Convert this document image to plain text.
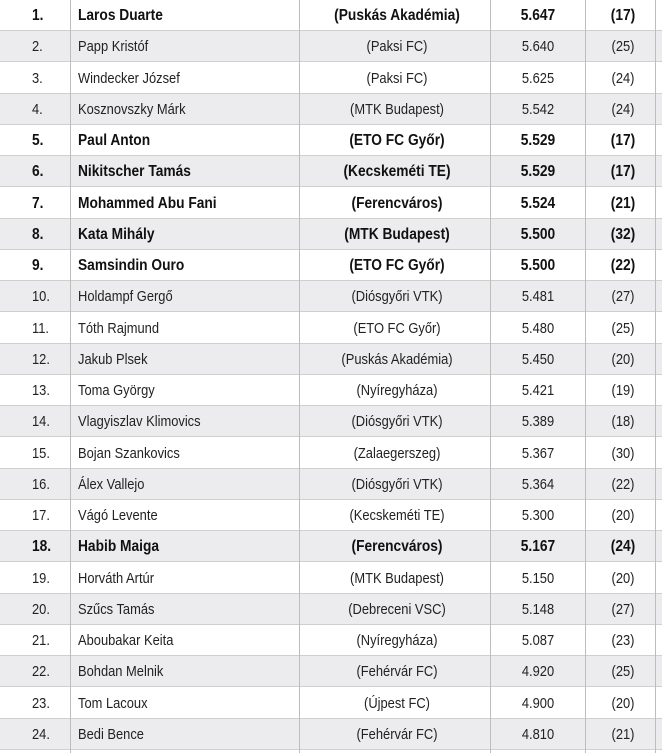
24.	Bedi Bence	(Fehérvár FC)	4.810	(21)
23.	Tom Lacoux	(Újpest FC)	4.900	(20)
22.	Bohdan Melnik	(Fehérvár FC)	4.920	(25)
21.	Aboubakar Keita	(Nyíregyháza)	5.087	(23)
20.	Szűcs Tamás	(Debreceni VSC)	5.148	(27)
19.	Horváth Artúr	(MTK Budapest)	5.150	(20)
18.	Habib Maiga	(Ferencváros)	5.167	(24)
17.	Vágó Levente	(Kecskeméti TE)	5.300	(20)
16.	Álex Vallejo	(Diósgyőri VTK)	5.364	(22)
15.	Bojan Szankovics	(Zalaegerszeg)	5.367	(30)
14.	Vlagyiszlav Klimovics	(Diósgyőri VTK)	5.389	(18)
13.	Toma György	(Nyíregyháza)	5.421	(19)
12.	Jakub Plsek	(Puskás Akadémia)	5.450	(20)
11.	Tóth Rajmund	(ETO FC Győr)	5.480	(25)
10.	Holdampf Gergő	(Diósgyőri VTK)	5.481	(27)
9.	Samsindin Ouro	(ETO FC Győr)	5.500	(22)
8.	Kata Mihály	(MTK Budapest)	5.500	(32)
7.	Mohammed Abu Fani	(Ferencváros)	5.524	(21)
6.	Nikitscher Tamás	(Kecskeméti TE)	5.529	(17)
5.	Paul Anton	(ETO FC Győr)	5.529	(17)
4.	Kosznovszky Márk	(MTK Budapest)	5.542	(24)
3.	Windecker József	(Paksi FC)	5.625	(24)
2.	Papp Kristóf	(Paksi FC)	5.640	(25)
1.	Laros Duarte	(Puskás Akadémia)	5.647	(17)
